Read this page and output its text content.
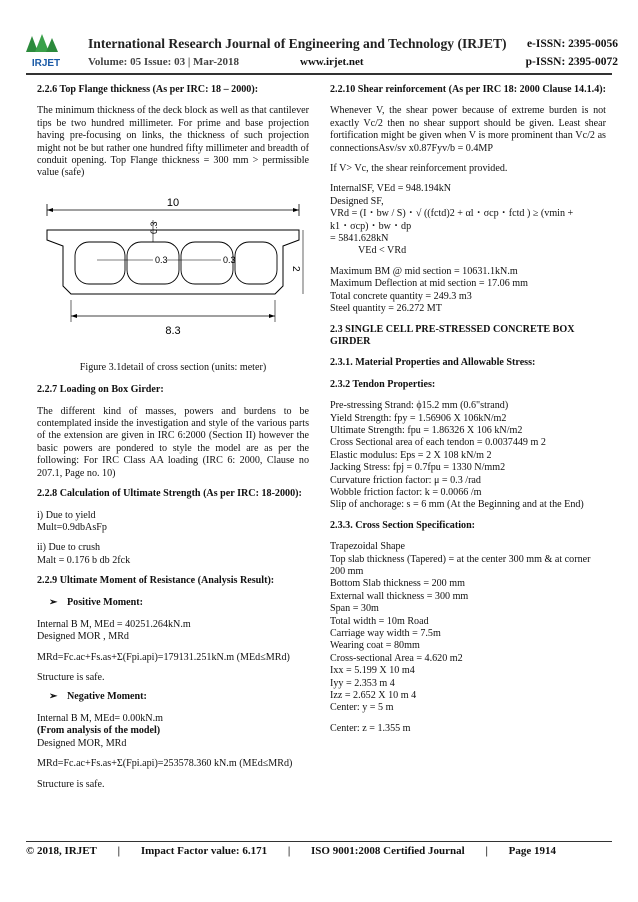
IRJET
International Research Journal of Engineering and Technology (IRJET) e-ISSN: 2395-0056
Volume: 05 Issue: 03 | Mar-2018	www.irjet.net	p-ISSN: 2395-0072
2.2.6 Top Flange thickness (As per IRC: 18 – 2000):
The minimum thickness of the deck block as well as that cantilever tips be two hundred millimeter. For prime and base projection having pre-focusing on links, the thickness of such projection might not be but rather one hundred fifty millimeter and breadth of conduit opening. Top Flange thickness = 300 mm > permissible value (safe)
10
0.3
0.3	0.3
2
8.3
Figure 3.1detail of cross section (units: meter)
2.2.7 Loading on Box Girder:
The different kind of masses, powers and burdens to be contemplated inside the investigation and style of the various parts of the extension are given in IRC 6:2000 (Section II) however the basic powers are pondered to style the model are as per the following: For IRC Class AA loading (IRC 6: 2000, Clause no 207.1, Page no. 10)
2.2.8 Calculation of Ultimate Strength (As per IRC: 18-2000):
i) Due to yield
Mult=0.9dbAsFp
ii) Due to crush
Malt = 0.176 b db 2fck
2.2.9 Ultimate Moment of Resistance (Analysis Result):
➢ Positive Moment:
Internal B M, MEd = 40251.264kN.m
Designed MOR , MRd
MRd=Fc.ac+Fs.as+Σ(Fpi.api)=179131.251kN.m (MEd≤MRd)
Structure is safe.
➢ Negative Moment:
Internal B M, MEd= 0.00kN.m
(From analysis of the model)
Designed MOR, MRd
MRd=Fc.ac+Fs.as+Σ(Fpi.api)=253578.360 kN.m (MEd≤MRd)
Structure is safe.
2.2.10 Shear reinforcement (As per IRC 18: 2000 Clause 14.1.4):
Whenever V, the shear power because of extreme burden is not exactly Vc/2 then no shear support should be given. Least shear fortification might be given when V is more prominent than Vc/2 as connectionsAsv/sv x0.87Fyv/b = 0.4MP
If V> Vc, the shear reinforcement provided.
InternalSF, VEd = 948.194kN
Designed SF,
VRd = (I・bw / S)・√ ((fctd)2 + αl・σcp・fctd ) ≥ (vmin +
k1・σcp)・bw・dp
= 5841.628kN
VEd < VRd
Maximum BM @ mid section = 10631.1kN.m
Maximum Deflection at mid section = 17.06 mm
Total concrete quantity = 249.3 m3
Steel quantity = 26.272 MT
2.3 SINGLE CELL PRE-STRESSED CONCRETE BOX GIRDER
2.3.1. Material Properties and Allowable Stress:
2.3.2 Tendon Properties:
Pre-stressing Strand: ϕ15.2 mm (0.6"strand)
Yield Strength: fpy = 1.56906 X 106kN/m2
Ultimate Strength: fpu = 1.86326 X 106 kN/m2
Cross Sectional area of each tendon = 0.0037449 m 2
Elastic modulus: Eps = 2 X 108 kN/m 2
Jacking Stress: fpj = 0.7fpu = 1330 N/mm2
Curvature friction factor: μ = 0.3 /rad
Wobble friction factor: k = 0.0066 /m
Slip of anchorage: s = 6 mm (At the Beginning and at the End)
2.3.3. Cross Section Specification:
Trapezoidal Shape
Top slab thickness (Tapered) = at the center 300 mm & at corner 200 mm
Bottom Slab thickness = 200 mm
External wall thickness = 300 mm
Span = 30m
Total width = 10m Road
Carriage way width = 7.5m
Wearing coat = 80mm
Cross-sectional Area = 4.620 m2
Ixx = 5.199 X 10 m4
Iyy = 2.353 m 4
Izz = 2.652 X 10 m 4
Center: y = 5 m
Center: z = 1.355 m
© 2018, IRJET | Impact Factor value: 6.171 | ISO 9001:2008 Certified Journal | Page 1914
